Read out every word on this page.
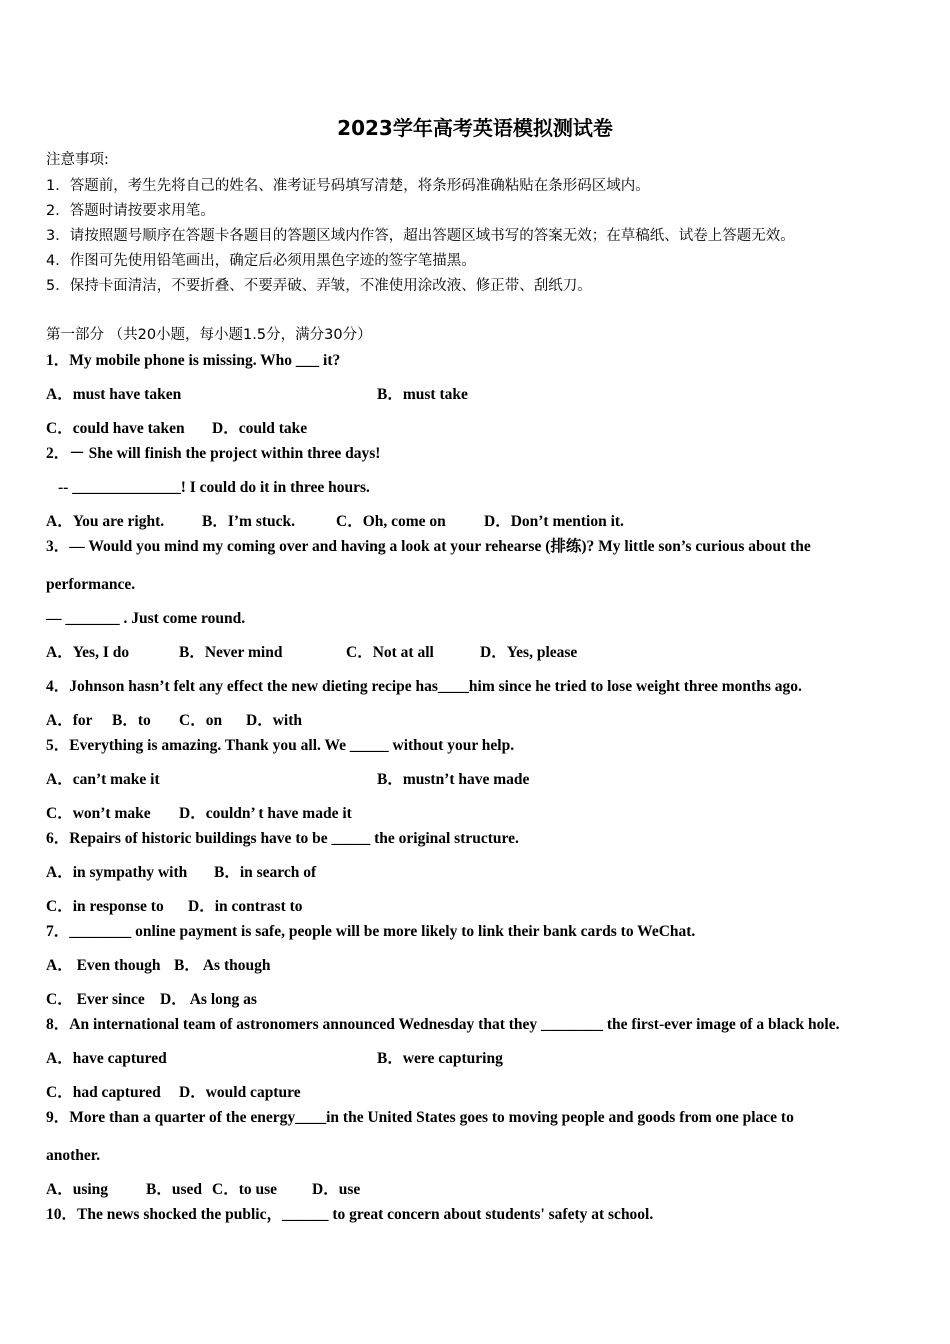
2023学年高考英语模拟测试卷
注意事项:
1．答题前，考生先将自己的姓名、准考证号码填写清楚，将条形码准确粘贴在条形码区域内。
2．答题时请按要求用笔。
3．请按照题号顺序在答题卡各题目的答题区域内作答，超出答题区域书写的答案无效；在草稿纸、试卷上答题无效。
4．作图可先使用铅笔画出，确定后必须用黑色字迹的签字笔描黑。
5．保持卡面清洁，不要折叠、不要弄破、弄皱，不准使用涂改液、修正带、刮纸刀。
第一部分 （共20小题，每小题1.5分，满分30分）
1．My mobile phone is missing. Who ___ it?
A．must have taken	B．must take
C．could have taken D．could take
2．－ She will finish the project within three days!
-- ______________! I could do it in three hours.
A．You are right. B．I’m stuck.	C．Oh, come on D．Don’t mention it.
3．— Would you mind my coming over and having a look at your rehearse (排练)? My little son’s curious about the
performance.
— _______ . Just come round.
A．Yes, I do	B．Never mind	C．Not at all	D．Yes, please
4．Johnson hasn’t felt any effect the new dieting recipe has____him since he tried to lose weight three months ago.
A．for B．to C．on D．with
5．Everything is amazing. Thank you all. We _____ without your help.
A．can’t make it	B．mustn’t have made
C．won’t make D．couldn’ t have made it
6．Repairs of historic buildings have to be _____ the original structure.
A．in sympathy with B．in search of
C．in response to D．in contrast to
7．________ online payment is safe, people will be more likely to link their bank cards to WeChat.
A． Even though B． As though
C． Ever since D． As long as
8．An international team of astronomers announced Wednesday that they ________ the first-ever image of a black hole.
A．have captured	B．were capturing
C．had captured D．would capture
9．More than a quarter of the energy____in the United States goes to moving people and goods from one place to
another.
A．using B．used C．to use D．use
10．The news shocked the public，______ to great concern about students' safety at school.
